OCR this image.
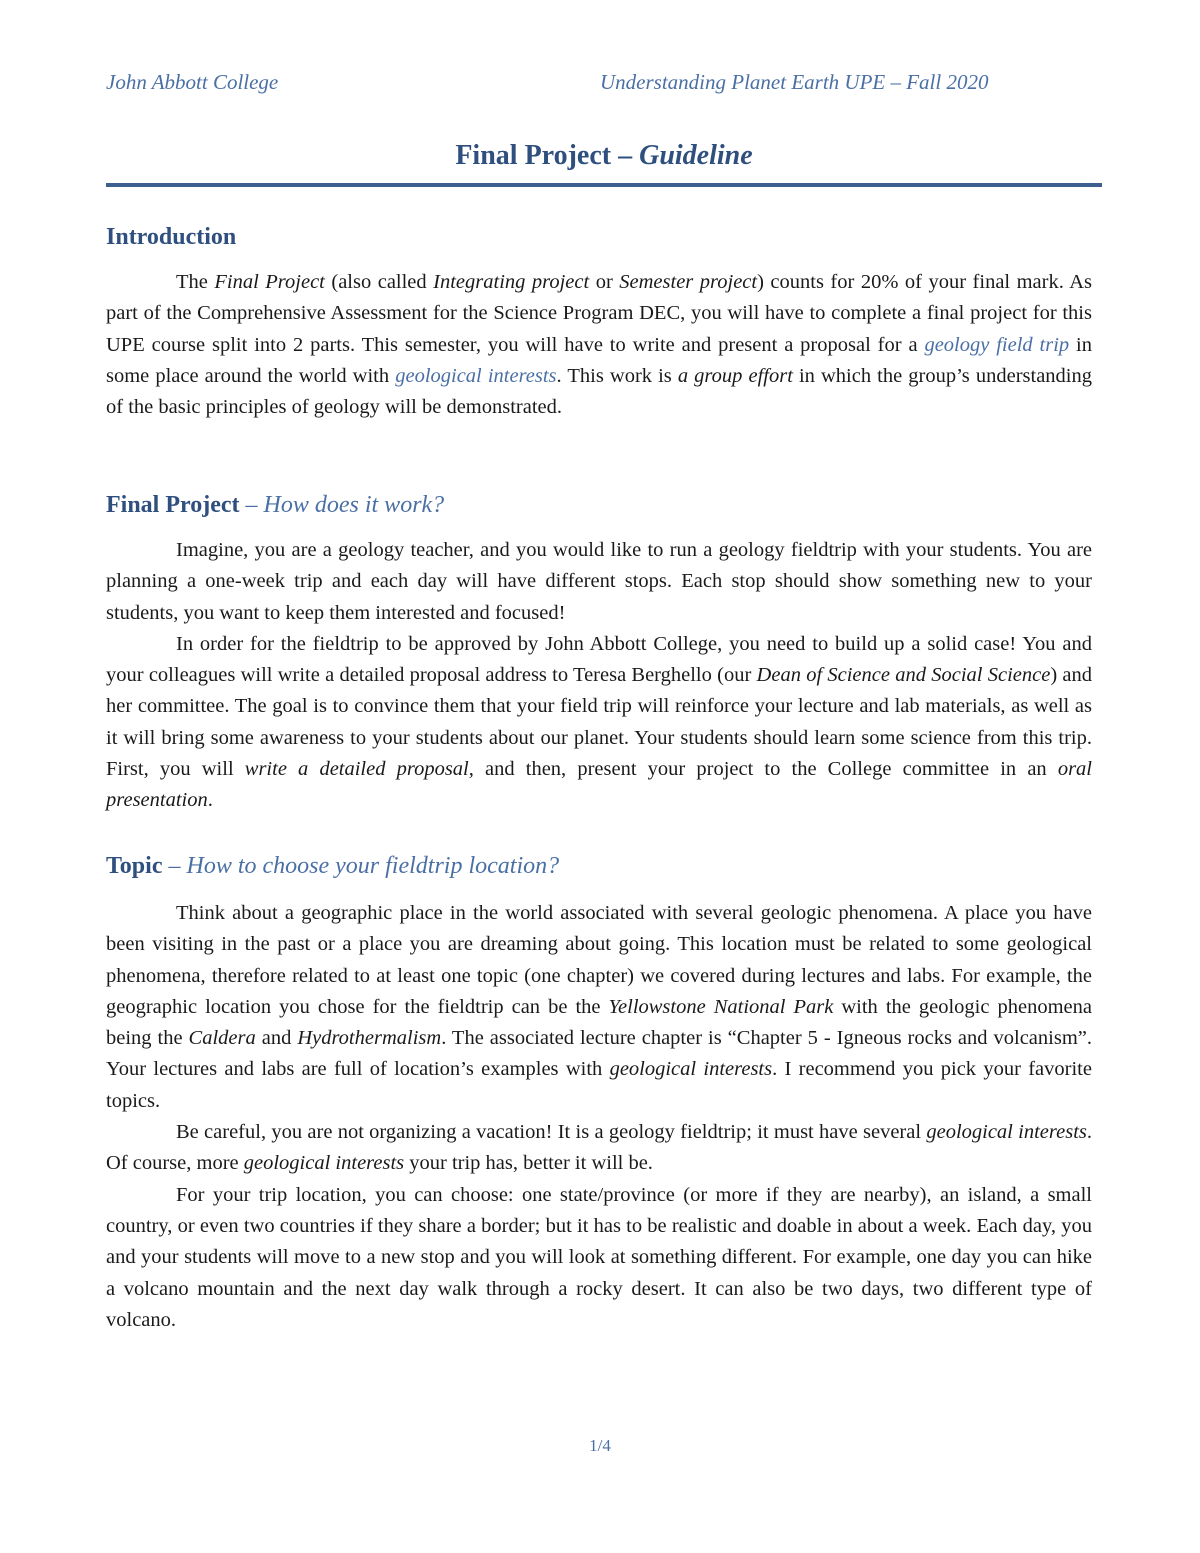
John Abbott College	Understanding Planet Earth UPE – Fall 2020
Final Project – Guideline
Introduction

The Final Project (also called Integrating project or Semester project) counts for 20% of your final mark. As part of the Comprehensive Assessment for the Science Program DEC, you will have to complete a final project for this UPE course split into 2 parts. This semester, you will have to write and present a proposal for a geology field trip in some place around the world with geological interests. This work is a group effort in which the group’s understanding of the basic principles of geology will be demonstrated.

Final Project – How does it work?

Imagine, you are a geology teacher, and you would like to run a geology fieldtrip with your students. You are planning a one-week trip and each day will have different stops. Each stop should show something new to your students, you want to keep them interested and focused!

In order for the fieldtrip to be approved by John Abbott College, you need to build up a solid case! You and your colleagues will write a detailed proposal address to Teresa Berghello (our Dean of Science and Social Science) and her committee. The goal is to convince them that your field trip will reinforce your lecture and lab materials, as well as it will bring some awareness to your students about our planet. Your students should learn some science from this trip. First, you will write a detailed proposal, and then, present your project to the College committee in an oral presentation.

Topic – How to choose your fieldtrip location?

Think about a geographic place in the world associated with several geologic phenomena. A place you have been visiting in the past or a place you are dreaming about going. This location must be related to some geological phenomena, therefore related to at least one topic (one chapter) we covered during lectures and labs. For example, the geographic location you chose for the fieldtrip can be the Yellowstone National Park with the geologic phenomena being the Caldera and Hydrothermalism. The associated lecture chapter is “Chapter 5 - Igneous rocks and volcanism”. Your lectures and labs are full of location’s examples with geological interests. I recommend you pick your favorite topics.

Be careful, you are not organizing a vacation! It is a geology fieldtrip; it must have several geological interests. Of course, more geological interests your trip has, better it will be.

For your trip location, you can choose: one state/province (or more if they are nearby), an island, a small country, or even two countries if they share a border; but it has to be realistic and doable in about a week. Each day, you and your students will move to a new stop and you will look at something different. For example, one day you can hike a volcano mountain and the next day walk through a rocky desert. It can also be two days, two different type of volcano.

1/4
